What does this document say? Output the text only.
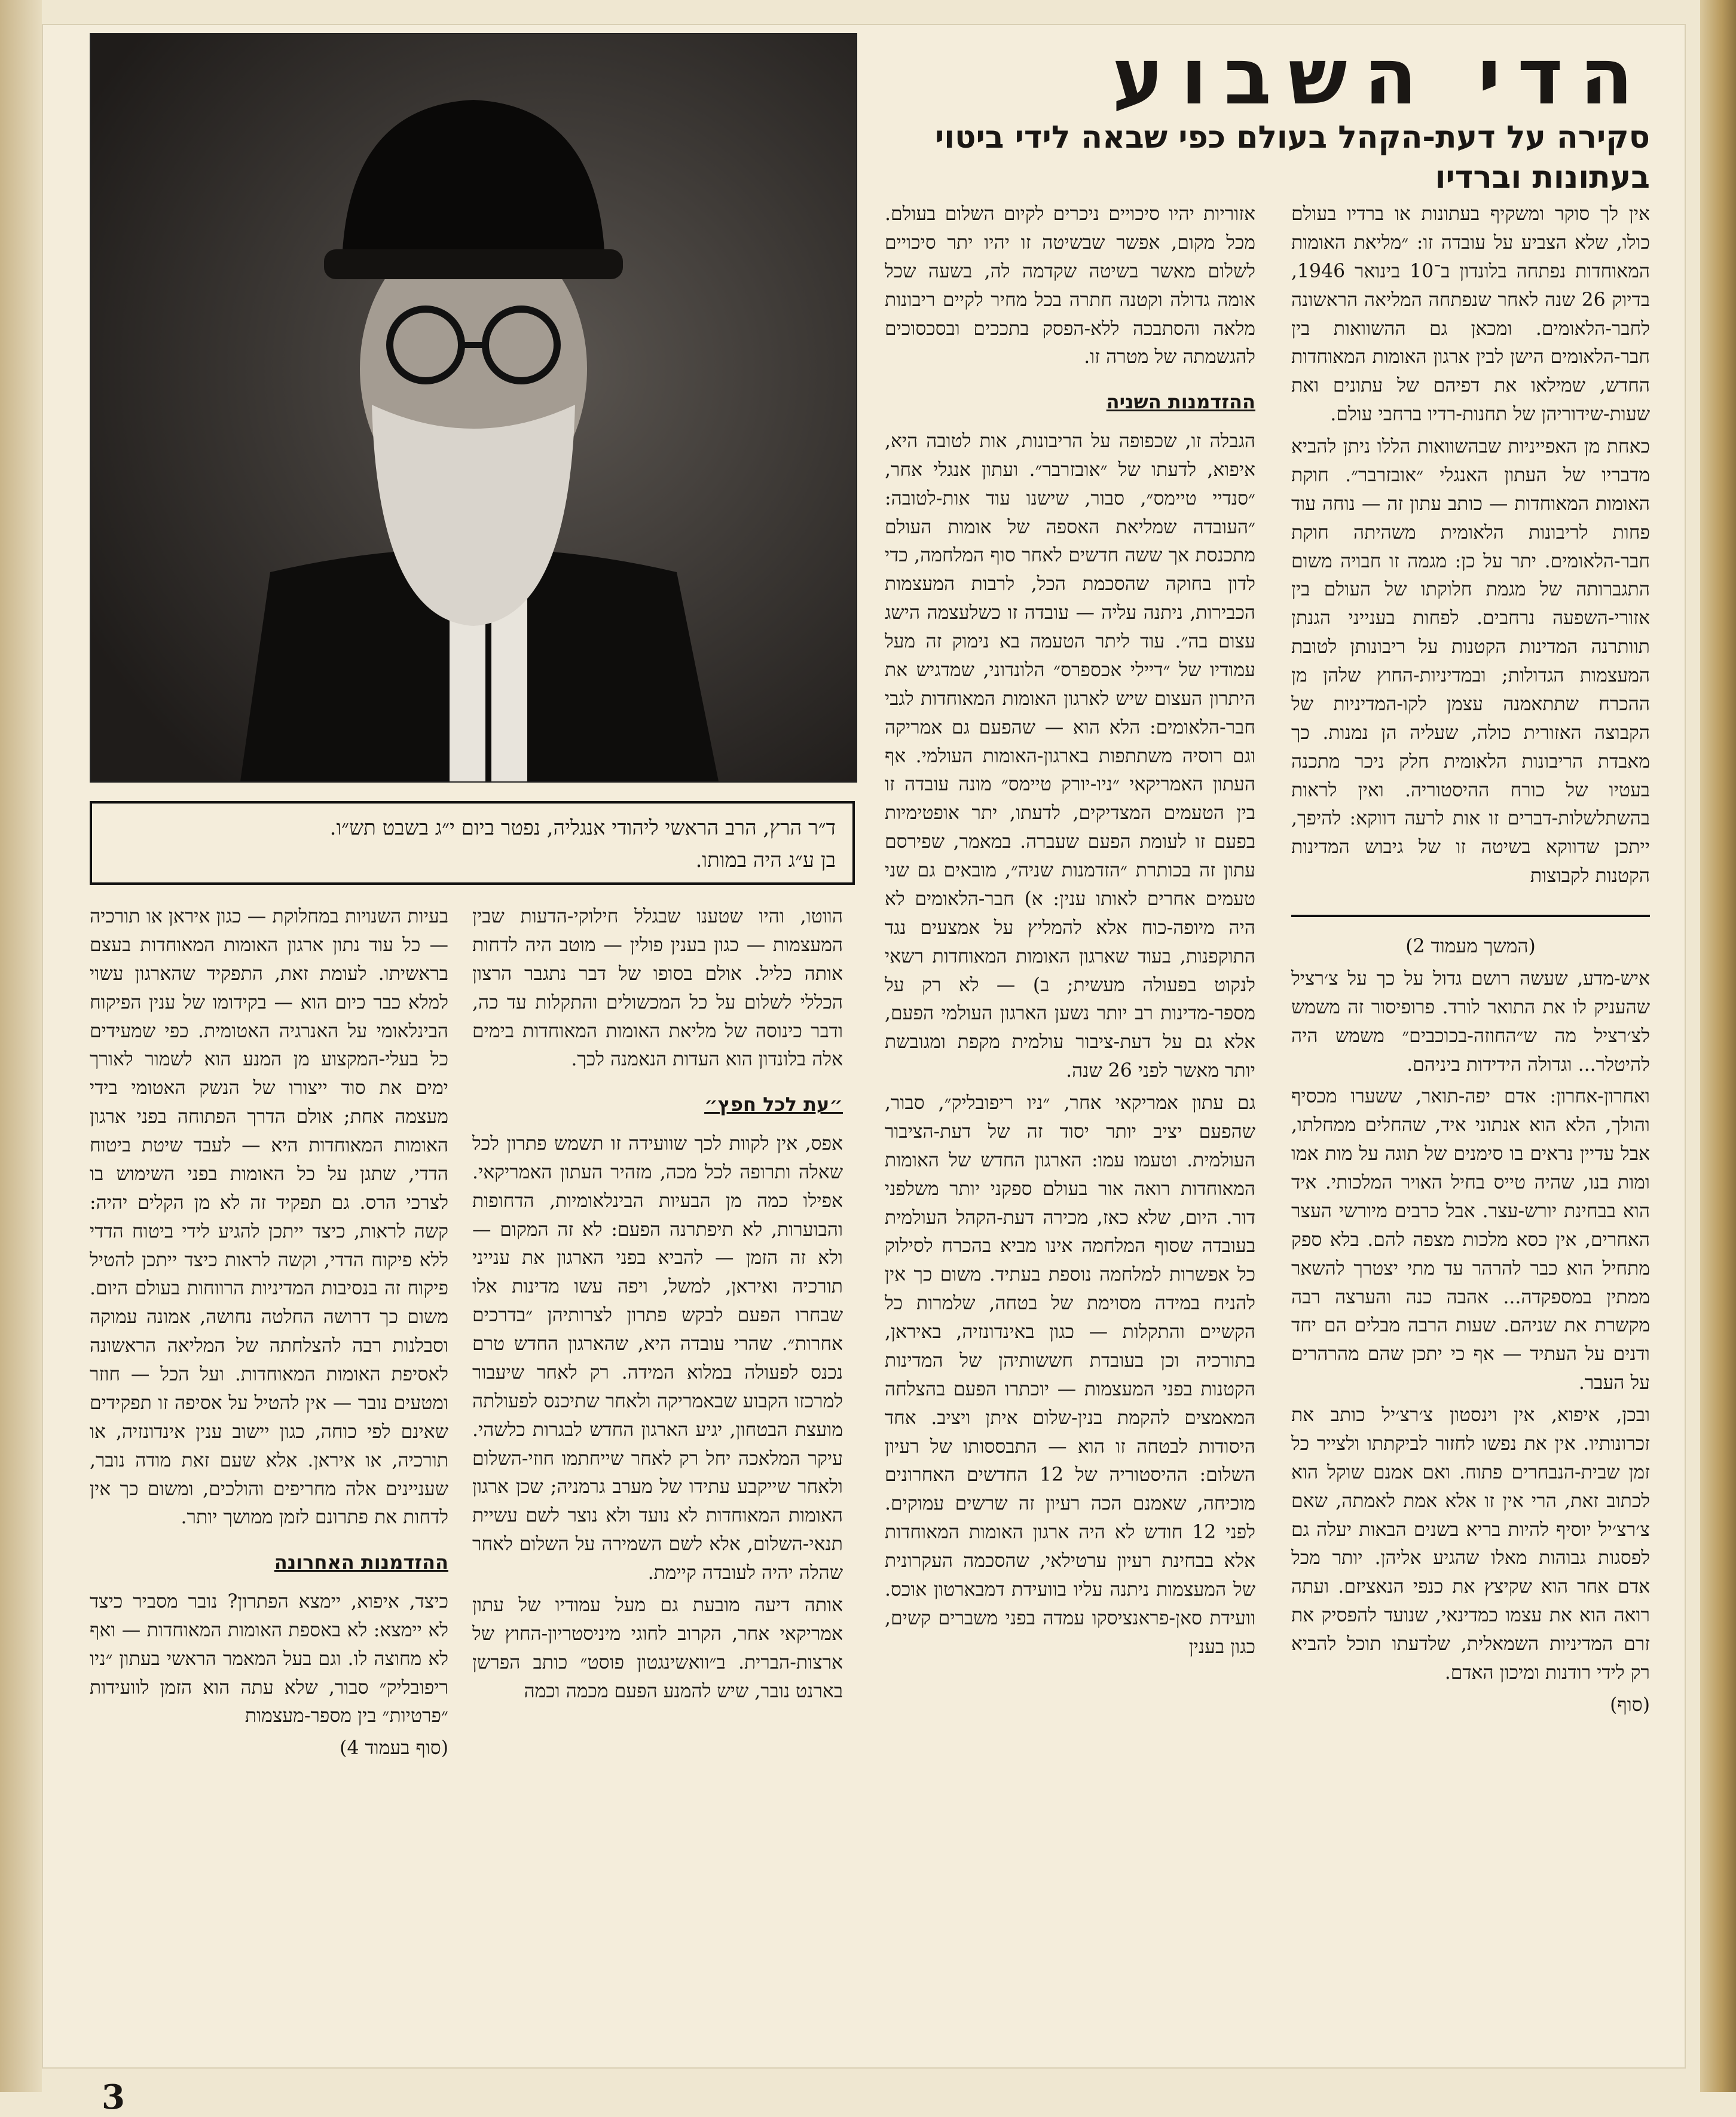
הדי השבוע

סקירה על דעת-הקהל בעולם כפי שבאה לידי ביטוי בעתונות וברדיו

ד״ר הרץ, הרב הראשי ליהודי אנגליה, נפטר ביום י״ג בשבט תש״ו.
בן ע״ג היה במותו.

אין לך סוקר ומשקיף בעתונות או ברדיו בעולם כולו, שלא הצביע על עובדה זו: ״מליאת האומות המאוחדות נפתחה בלונדון ב־10 בינואר 1946, בדיוק 26 שנה לאחר שנפתחה המליאה הראשונה לחבר-הלאומים. ומכאן גם ההשוואות בין חבר-הלאומים הישן לבין ארגון האומות המאוחדות החדש, שמילאו את דפיהם של עתונים ואת שעות-שידוריהן של תחנות-רדיו ברחבי עולם.

כאחת מן האפייניות שבהשוואות הללו ניתן להביא מדבריו של העתון האנגלי ״אובזרבר״. חוקת האומות המאוחדות — כותב עתון זה — נוחה עוד פחות לריבונות הלאומית משהיתה חוקת חבר-הלאומים. יתר על כן: מגמה זו חבויה משום התגברותה של מגמת חלוקתו של העולם בין אזורי-השפעה נרחבים. לפחות בענייני הגנתן תוותרנה המדינות הקטנות על ריבונותן לטובת המעצמות הגדולות; ובמדיניות-החוץ שלהן מן ההכרח שתתאמנה עצמן לקו-המדיניות של הקבוצה האזורית כולה, שעליה הן נמנות. כך מאבדת הריבונות הלאומית חלק ניכר מתכנה בעטיו של כורח ההיסטוריה. ואין לראות בהשתלשלות-דברים זו אות לרעה דווקא: להיפך, ייתכן שדווקא בשיטה זו של גיבוש המדינות הקטנות לקבוצות

(המשך מעמוד 2)

איש-מדע, שעשה רושם גדול על כך על צ׳רציל שהעניק לו את התואר לורד. פרופיסור זה משמש לצ׳רציל מה ש״החוזה-בכוכבים״ משמש היה להיטלר... וגדולה הידידות ביניהם.

ואחרון-אחרון: אדם יפה-תואר, ששערו מכסיף והולך, הלא הוא אנתוני איד, שהחלים ממחלתו, אבל עדיין נראים בו סימנים של תוגה על מות אמו ומות בנו, שהיה טייס בחיל האויר המלכותי. איד הוא בבחינת יורש-עצר. אבל כרבים מיורשי העצר האחרים, אין כסא מלכות מצפה להם. בלא ספק מתחיל הוא כבר להרהר עד מתי יצטרך להשאר ממתין במספקדה... אהבה כנה והערצה רבה מקשרת את שניהם. שעות הרבה מבלים הם יחד ודנים על העתיד — אף כי יתכן שהם מהרהרים על העבר.

ובכן, איפוא, אין וינסטון צ׳רצ׳יל כותב את זכרונותיו. אין את נפשו לחזור לביקתתו ולצייר כל זמן שבית-הנבחרים פתוח. ואם אמנם שוקל הוא לכתוב זאת, הרי אין זו אלא אמת לאמתה, שאם צ׳רצ׳יל יוסיף להיות בריא בשנים הבאות יעלה גם לפסגות גבוהות מאלו שהגיע אליהן. יותר מכל אדם אחר הוא שקיצץ את כנפי הנאציזם. ועתה רואה הוא את עצמו כמדינאי, שנועד להפסיק את זרם המדיניות השמאלית, שלדעתו תוכל להביא רק לידי רודנות ומיכון האדם.

(סוף)

אזוריות יהיו סיכויים ניכרים לקיום השלום בעולם. מכל מקום, אפשר שבשיטה זו יהיו יתר סיכויים לשלום מאשר בשיטה שקדמה לה, בשעה שכל אומה גדולה וקטנה חתרה בכל מחיר לקיים ריבונות מלאה והסתבכה ללא-הפסק בתככים ובסכסוכים להגשמתה של מטרה זו.

ההזדמנות השניה

הגבלה זו, שכפופה על הריבונות, אות לטובה היא, איפוא, לדעתו של ״אובזרבר״. ועתון אנגלי אחר, ״סנדיי טיימס״, סבור, שישנו עוד אות-לטובה: ״העובדה שמליאת האספה של אומות העולם מתכנסת אך ששה חדשים לאחר סוף המלחמה, כדי לדון בחוקה שהסכמת הכל, לרבות המעצמות הכבירות, ניתנה עליה — עובדה זו כשלעצמה הישג עצום בה״. עוד ליתר הטעמה בא נימוק זה מעל עמודיו של ״דיילי אכספרס״ הלונדוני, שמדגיש את היתרון העצום שיש לארגון האומות המאוחדות לגבי חבר-הלאומים: הלא הוא — שהפעם גם אמריקה וגם רוסיה משתתפות בארגון-האומות העולמי. אף העתון האמריקאי ״ניו-יורק טיימס״ מונה עובדה זו בין הטעמים המצדיקים, לדעתו, יתר אופטימיות בפעם זו לעומת הפעם שעברה. במאמר, שפירסם עתון זה בכותרת ״הזדמנות שניה״, מובאים גם שני טעמים אחרים לאותו ענין: א) חבר-הלאומים לא היה מיופה-כוח אלא להמליץ על אמצעים נגד התוקפנות, בעוד שארגון האומות המאוחדות רשאי לנקוט בפעולה מעשית; ב) — לא רק על מספר-מדינות רב יותר נשען הארגון העולמי הפעם, אלא גם על דעת-ציבור עולמית מקפת ומגובשת יותר מאשר לפני 26 שנה.

גם עתון אמריקאי אחר, ״ניו ריפובליק״, סבור, שהפעם יציב יותר יסוד זה של דעת-הציבור העולמית. וטעמו עמו: הארגון החדש של האומות המאוחדות רואה אור בעולם ספקני יותר משלפני דור. היום, שלא כאז, מכירה דעת-הקהל העולמית בעובדה שסוף המלחמה אינו מביא בהכרח לסילוק כל אפשרות למלחמה נוספת בעתיד. משום כך אין להניח במידה מסוימת של בטחה, שלמרות כל הקשיים והתקלות — כגון באינדונזיה, באיראן, בתורכיה וכן בעובדת חששותיהן של המדינות הקטנות בפני המעצמות — יוכתרו הפעם בהצלחה המאמצים להקמת בנין-שלום איתן ויציב. אחד היסודות לבטחה זו הוא — התבססותו של רעיון השלום: ההיסטוריה של 12 החדשים האחרונים מוכיחה, שאמנם הכה רעיון זה שרשים עמוקים. לפני 12 חודש לא היה ארגון האומות המאוחדות אלא בבחינת רעיון ערטילאי, שהסכמה העקרונית של המעצמות ניתנה עליו בוועידת דמבארטון אוכס. וועידת סאן-פראנציסקו עמדה בפני משברים קשים, כגון בענין

הווטו, והיו שטענו שבגלל חילוקי-הדעות שבין המעצמות — כגון בענין פולין — מוטב היה לדחות אותה כליל. אולם בסופו של דבר נתגבר הרצון הכללי לשלום על כל המכשולים והתקלות עד כה, ודבר כינוסה של מליאת האומות המאוחדות בימים אלה בלונדון הוא העדות הנאמנה לכך.

״עת לכל חפץ״

אפס, אין לקוות לכך שוועידה זו תשמש פתרון לכל שאלה ותרופה לכל מכה, מזהיר העתון האמריקאי. אפילו כמה מן הבעיות הבינלאומיות, הדחופות והבוערות, לא תיפתרנה הפעם: לא זה המקום — ולא זה הזמן — להביא בפני הארגון את ענייני תורכיה ואיראן, למשל, ויפה עשו מדינות אלו שבחרו הפעם לבקש פתרון לצרותיהן ״בדרכים אחרות״. שהרי עובדה היא, שהארגון החדש טרם נכנס לפעולה במלוא המידה. רק לאחר שיעבור למרכזו הקבוע שבאמריקה ולאחר שתיכנס לפעולתה מועצת הבטחון, יגיע הארגון החדש לבגרות כלשהי. עיקר המלאכה יחל רק לאחר שייחתמו חוזי-השלום ולאחר שייקבע עתידו של מערב גרמניה; שכן ארגון האומות המאוחדות לא נועד ולא נוצר לשם עשיית תנאי-השלום, אלא לשם השמירה על השלום לאחר שהלה יהיה לעובדה קיימת.

אותה דיעה מובעת גם מעל עמודיו של עתון אמריקאי אחר, הקרוב לחוגי מיניסטריון-החוץ של ארצות-הברית. ב״וואשינגטון פוסט״ כותב הפרשן בארנט נובר, שיש להמנע הפעם מכמה וכמה

בעיות השנויות במחלוקת — כגון איראן או תורכיה — כל עוד נתון ארגון האומות המאוחדות בעצם בראשיתו. לעומת זאת, התפקיד שהארגון עשוי למלא כבר כיום הוא — בקידומו של ענין הפיקוח הבינלאומי על האנרגיה האטומית. כפי שמעידים כל בעלי-המקצוע מן המנע הוא לשמור לאורך ימים את סוד ייצורו של הנשק האטומי בידי מעצמה אחת; אולם הדרך הפתוחה בפני ארגון האומות המאוחדות היא — לעבד שיטת ביטוח הדדי, שתגן על כל האומות בפני השימוש בו לצרכי הרס. גם תפקיד זה לא מן הקלים יהיה: קשה לראות, כיצד ייתכן להגיע לידי ביטוח הדדי ללא פיקוח הדדי, וקשה לראות כיצד ייתכן להטיל פיקוח זה בנסיבות המדיניות הרווחות בעולם היום. משום כך דרושה החלטה נחושה, אמונה עמוקה וסבלנות רבה להצלחתה של המליאה הראשונה לאסיפת האומות המאוחדות. ועל הכל — חוזר ומטעים נובר — אין להטיל על אסיפה זו תפקידים שאינם לפי כוחה, כגון יישוב ענין אינדונזיה, או תורכיה, או איראן. אלא שעם זאת מודה נובר, שעניינים אלה מחריפים והולכים, ומשום כך אין לדחות את פתרונם לזמן ממושך יותר.

ההזדמנות האחרונה

כיצד, איפוא, יימצא הפתרון? נובר מסביר כיצד לא יימצא: לא באספת האומות המאוחדות — ואף לא מחוצה לו. וגם בעל המאמר הראשי בעתון ״ניו ריפובליק״ סבור, שלא עתה הוא הזמן לוועידות ״פרטיות״ בין מספר-מעצמות

(סוף בעמוד 4)

3
